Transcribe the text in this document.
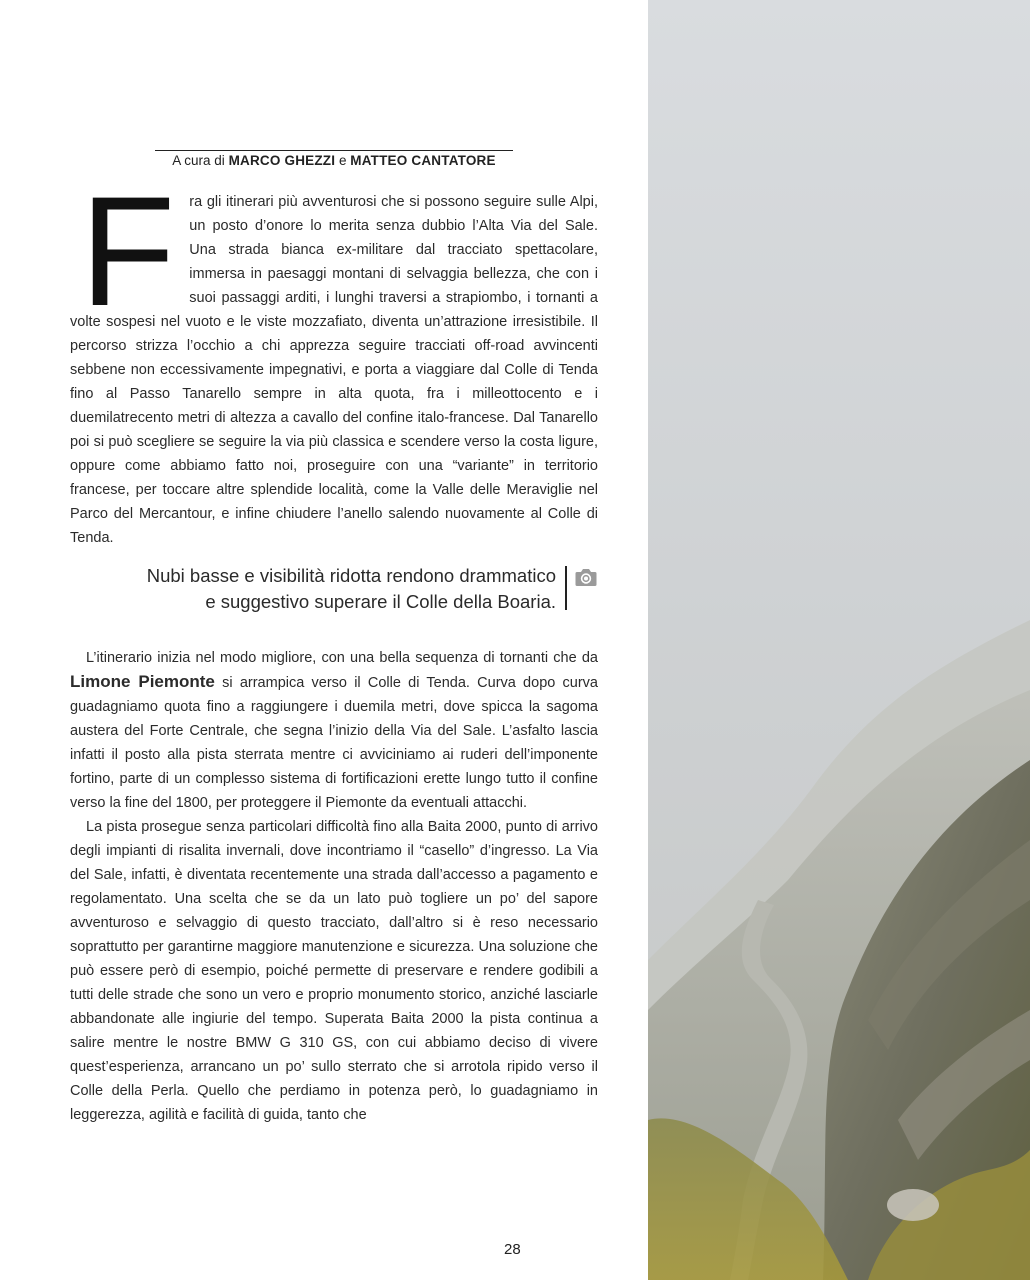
A cura di MARCO GHEZZI e MATTEO CANTATORE

Fra gli itinerari più avventurosi che si possono seguire sulle Alpi, un posto d’onore lo merita senza dubbio l’Alta Via del Sale. Una strada bianca ex-militare dal tracciato spettacolare, immersa in paesaggi montani di selvaggia bellezza, che con i suoi passaggi arditi, i lunghi traversi a strapiombo, i tornanti a volte sospesi nel vuoto e le viste mozzafiato, diventa un’attrazione irresistibile. Il percorso strizza l’occhio a chi apprezza seguire tracciati off-road avvincenti sebbene non eccessivamente impegnativi, e porta a viaggiare dal Colle di Tenda fino al Passo Tanarello sempre in alta quota, fra i milleottocento e i duemilatrecento metri di altezza a cavallo del confine italo-francese. Dal Tanarello poi si può scegliere se seguire la via più classica e scendere verso la costa ligure, oppure come abbiamo fatto noi, proseguire con una “variante” in territorio francese, per toccare altre splendide località, come la Valle delle Meraviglie nel Parco del Mercantour, e infine chiudere l’anello salendo nuovamente al Colle di Tenda.

Nubi basse e visibilità ridotta rendono drammatico
e suggestivo superare il Colle della Boaria.

L’itinerario inizia nel modo migliore, con una bella sequenza di tornanti che da Limone Piemonte si arrampica verso il Colle di Tenda. Curva dopo curva guadagniamo quota fino a raggiungere i duemila metri, dove spicca la sagoma austera del Forte Centrale, che segna l’inizio della Via del Sale. L’asfalto lascia infatti il posto alla pista sterrata mentre ci avviciniamo ai ruderi dell’imponente fortino, parte di un complesso sistema di fortificazioni erette lungo tutto il confine verso la fine del 1800, per proteggere il Piemonte da eventuali attacchi.

La pista prosegue senza particolari difficoltà fino alla Baita 2000, punto di arrivo degli impianti di risalita invernali, dove incontriamo il “casello” d’ingresso. La Via del Sale, infatti, è diventata recentemente una strada dall’accesso a pagamento e regolamentato. Una scelta che se da un lato può togliere un po’ del sapore avventuroso e selvaggio di questo tracciato, dall’altro si è reso necessario soprattutto per garantirne maggiore manutenzione e sicurezza. Una soluzione che può essere però di esempio, poiché permette di preservare e rendere godibili a tutti delle strade che sono un vero e proprio monumento storico, anziché lasciarle abbandonate alle ingiurie del tempo. Superata Baita 2000 la pista continua a salire mentre le nostre BMW G 310 GS, con cui abbiamo deciso di vivere quest’esperienza, arrancano un po’ sullo sterrato che si arrotola ripido verso il Colle della Perla. Quello che perdiamo in potenza però, lo guadagniamo in leggerezza, agilità e facilità di guida, tanto che

28
